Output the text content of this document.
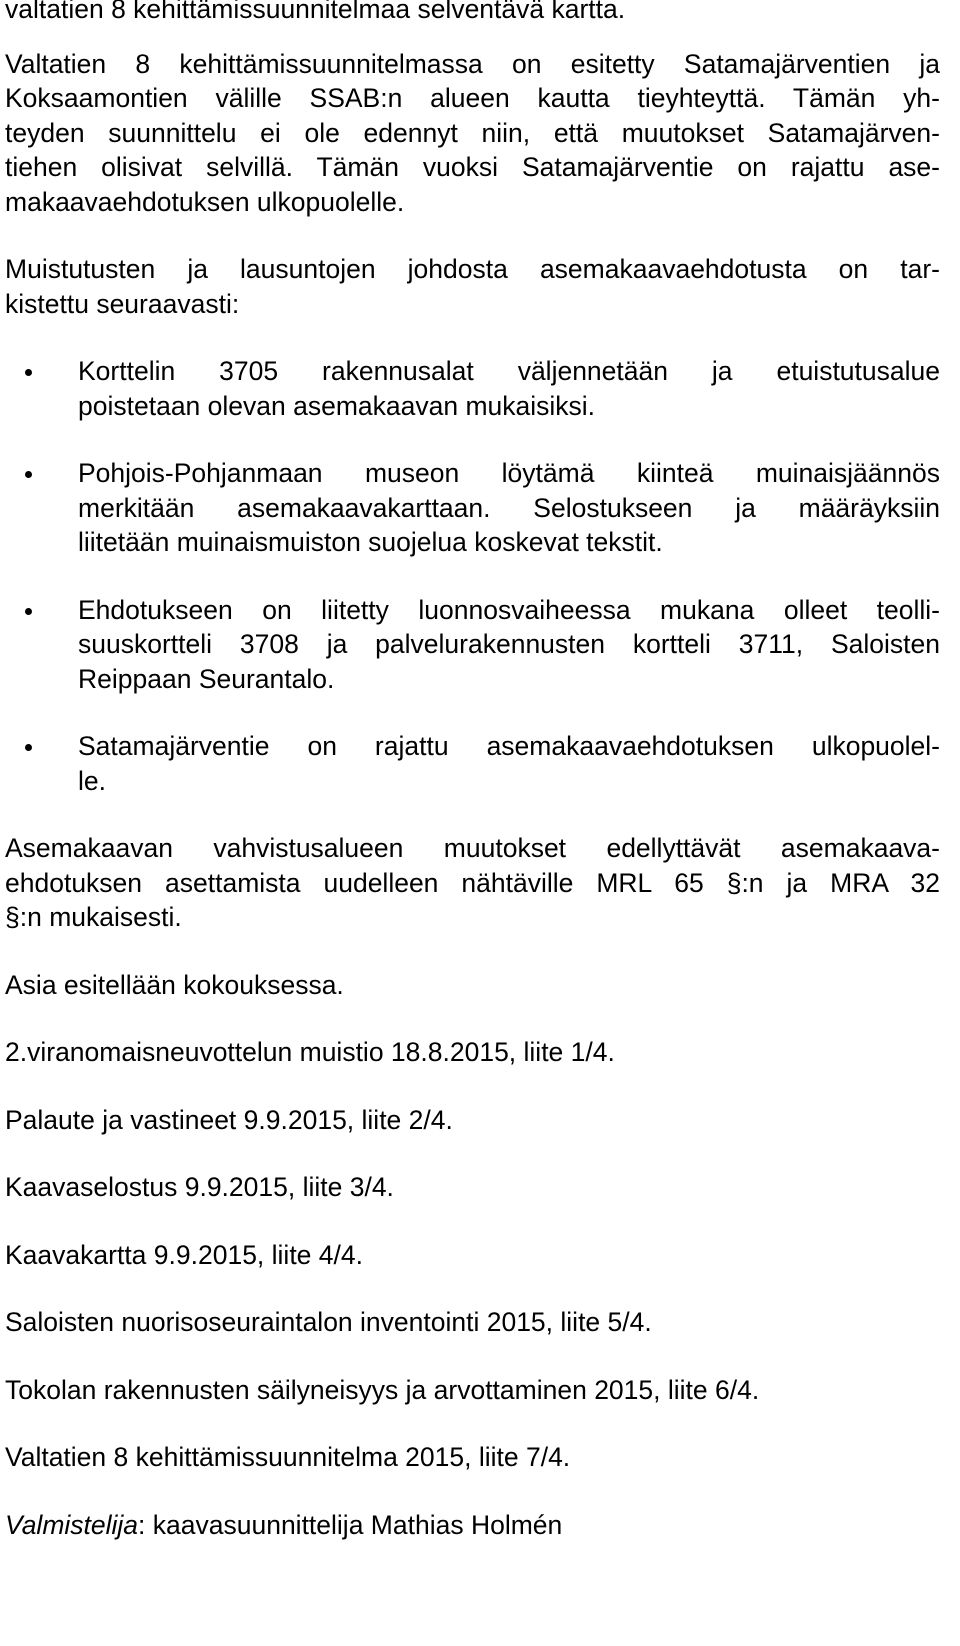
valtatien 8 kehittämissuunnitelmaa selventävä kartta.
Valtatien 8 kehittämissuunnitelmassa on esitetty Satamajärventien ja
Koksaamontien välille SSAB:n alueen kautta tieyhteyttä. Tämän yh-
teyden suunnittelu ei ole edennyt niin, että muutokset Satamajärven-
tiehen olisivat selvillä. Tämän vuoksi Satamajärventie on rajattu ase-
makaavaehdotuksen ulkopuolelle.
Muistutusten ja lausuntojen johdosta asemakaavaehdotusta on tar-
kistettu seuraavasti:
Korttelin 3705 rakennusalat väljennetään ja etuistutusalue
poistetaan olevan asemakaavan mukaisiksi.
Pohjois-Pohjanmaan museon löytämä kiinteä muinaisjäännös
merkitään asemakaavakarttaan. Selostukseen ja määräyksiin
liitetään muinaismuiston suojelua koskevat tekstit.
Ehdotukseen on liitetty luonnosvaiheessa mukana olleet teolli-
suuskortteli 3708 ja palvelurakennusten kortteli 3711, Saloisten
Reippaan Seurantalo.
Satamajärventie on rajattu asemakaavaehdotuksen ulkopuolel-
le.
Asemakaavan vahvistusalueen muutokset edellyttävät asemakaava-
ehdotuksen asettamista uudelleen nähtäville MRL 65 §:n ja MRA 32
§:n mukaisesti.
Asia esitellään kokouksessa.
2.viranomaisneuvottelun muistio 18.8.2015, liite 1/4.
Palaute ja vastineet 9.9.2015, liite 2/4.
Kaavaselostus 9.9.2015, liite 3/4.
Kaavakartta 9.9.2015, liite 4/4.
Saloisten nuorisoseuraintalon inventointi 2015, liite 5/4.
Tokolan rakennusten säilyneisyys ja arvottaminen 2015, liite 6/4.
Valtatien 8 kehittämissuunnitelma 2015, liite 7/4.
Valmistelija: kaavasuunnittelija Mathias Holmén
